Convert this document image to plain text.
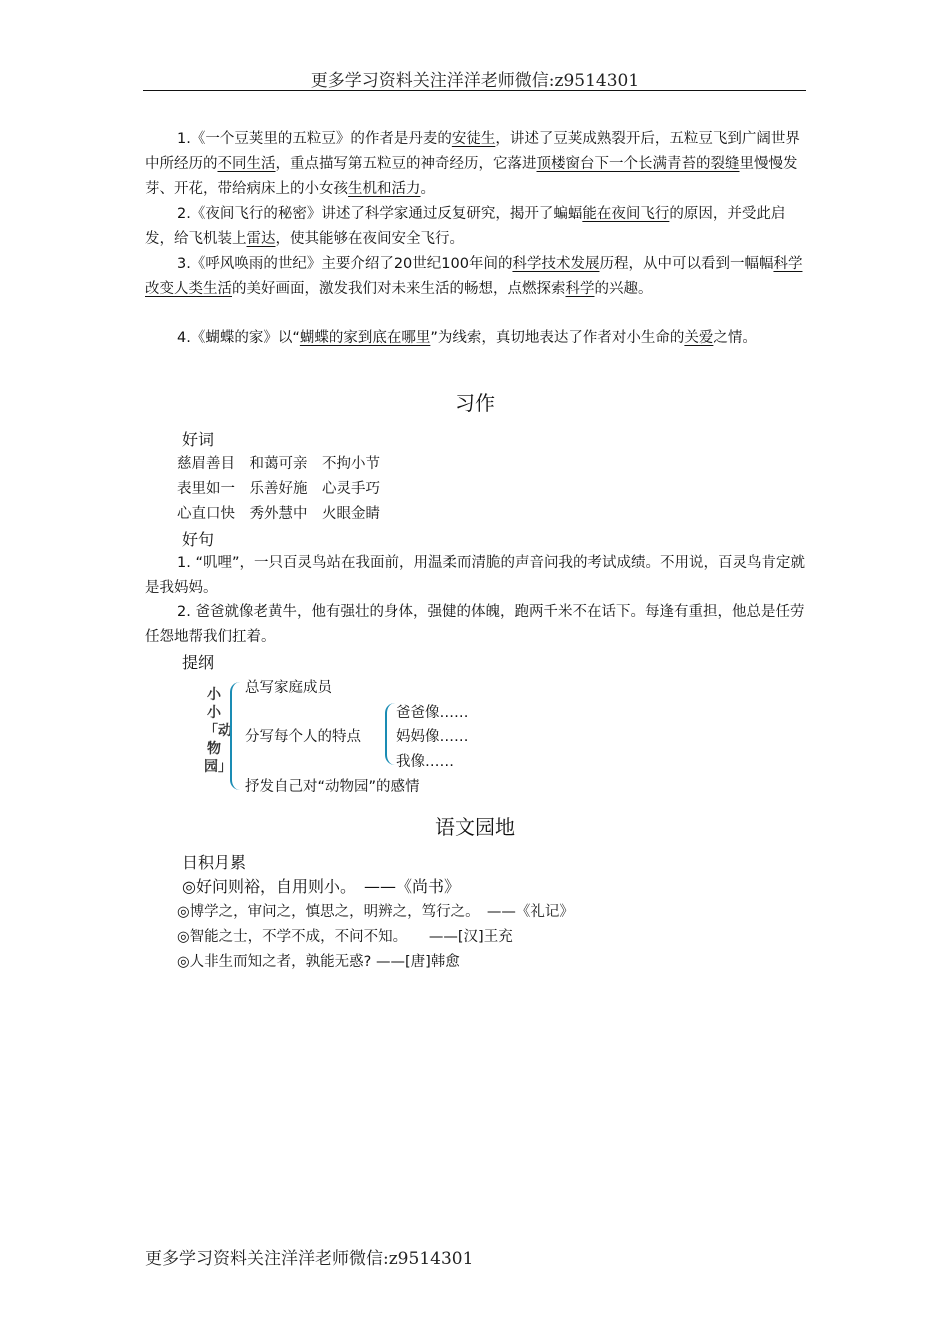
更多学习资料关注洋洋老师微信:z9514301
1.《一个豆荚里的五粒豆》的作者是丹麦的安徒生，讲述了豆荚成熟裂开后，五粒豆飞到广阔世界中所经历的不同生活，重点描写第五粒豆的神奇经历，它落进顶楼窗台下一个长满青苔的裂缝里慢慢发芽、开花，带给病床上的小女孩生机和活力。
2.《夜间飞行的秘密》讲述了科学家通过反复研究，揭开了蝙蝠能在夜间飞行的原因，并受此启发，给飞机装上雷达，使其能够在夜间安全飞行。
3.《呼风唤雨的世纪》主要介绍了20世纪100年间的科学技术发展历程，从中可以看到一幅幅科学改变人类生活的美好画面，激发我们对未来生活的畅想，点燃探索科学的兴趣。
4.《蝴蝶的家》以“蝴蝶的家到底在哪里”为线索，真切地表达了作者对小生命的关爱之情。
习作
好词
慈眉善目　和蔼可亲　不拘小节
表里如一　乐善好施　心灵手巧
心直口快　秀外慧中　火眼金睛
好句
1. “叽哩”，一只百灵鸟站在我面前，用温柔而清脆的声音问我的考试成绩。不用说，百灵鸟肯定就是我妈妈。
2. 爸爸就像老黄牛，他有强壮的身体，强健的体魄，跑两千米不在话下。每逢有重担，他总是任劳任怨地帮我们扛着。
提纲
小小「动物园」
总写家庭成员
分写每个人的特点
爸爸像……
妈妈像……
我像……
抒发自己对“动物园”的感情
语文园地
日积月累
◎好问则裕，自用则小。　——《尚书》
◎博学之，审问之，慎思之，明辨之，笃行之。　——《礼记》
◎智能之士，不学不成，不问不知。　　——[汉]王充
◎人非生而知之者，孰能无惑? ——[唐]韩愈
更多学习资料关注洋洋老师微信:z9514301
